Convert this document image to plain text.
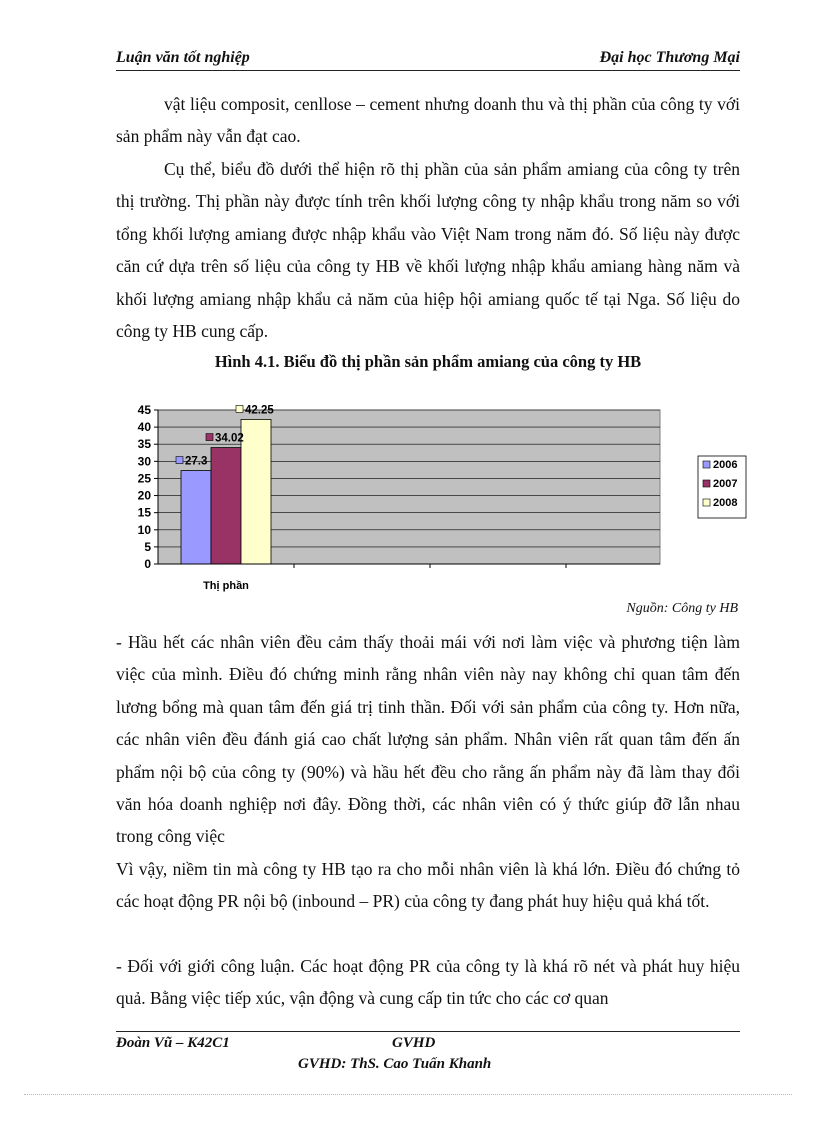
Luận văn tốt nghiệp	Đại học Thương Mại

vật liệu composit, cenllose – cement nhưng doanh thu và thị phần của công ty với sản phẩm này vẫn đạt cao.

Cụ thể, biểu đồ dưới thể hiện rõ thị phần của sản phẩm amiang của công ty trên thị trường. Thị phần này được tính trên khối lượng công ty nhập khẩu trong năm so với tổng khối lượng amiang được nhập khẩu vào Việt Nam trong năm đó. Số liệu này được căn cứ dựa trên số liệu của công ty HB về khối lượng nhập khẩu amiang hàng năm và khối lượng amiang nhập khẩu cả năm của hiệp hội amiang quốc tế tại Nga. Số liệu do công ty HB cung cấp.

Hình 4.1. Biểu đồ thị phần sản phẩm amiang của công ty HB
27.3
34.02
42.25
0
5
10
15
20
25
30
35
40
45
Thị phần
2006
2007
2008
Nguồn: Công ty HB

- Hầu hết các nhân viên đều cảm thấy thoải mái với nơi làm việc và phương tiện làm việc của mình. Điều đó chứng minh rằng nhân viên này nay không chỉ quan tâm đến lương bổng mà quan tâm đến giá trị tinh thần. Đối với sản phẩm của công ty. Hơn nữa, các nhân viên đều đánh giá cao chất lượng sản phẩm. Nhân viên rất quan tâm đến ấn phẩm nội bộ của công ty (90%) và hầu hết đều cho rằng ấn phẩm này đã làm thay đổi văn hóa doanh nghiệp nơi đây. Đồng thời, các nhân viên có ý thức giúp đỡ lẫn nhau trong công việc

Vì vậy, niềm tin mà công ty HB tạo ra cho mỗi nhân viên là khá lớn. Điều đó chứng tỏ các hoạt động PR nội bộ (inbound – PR) của công ty đang phát huy hiệu quả khá tốt.

- Đối với giới công luận. Các hoạt động PR của công ty là khá rõ nét và phát huy hiệu quả. Bằng việc tiếp xúc, vận động và cung cấp tin tức cho các cơ quan

Đoàn Vũ – K42C1	GVHD
GVHD: ThS. Cao Tuấn Khanh
